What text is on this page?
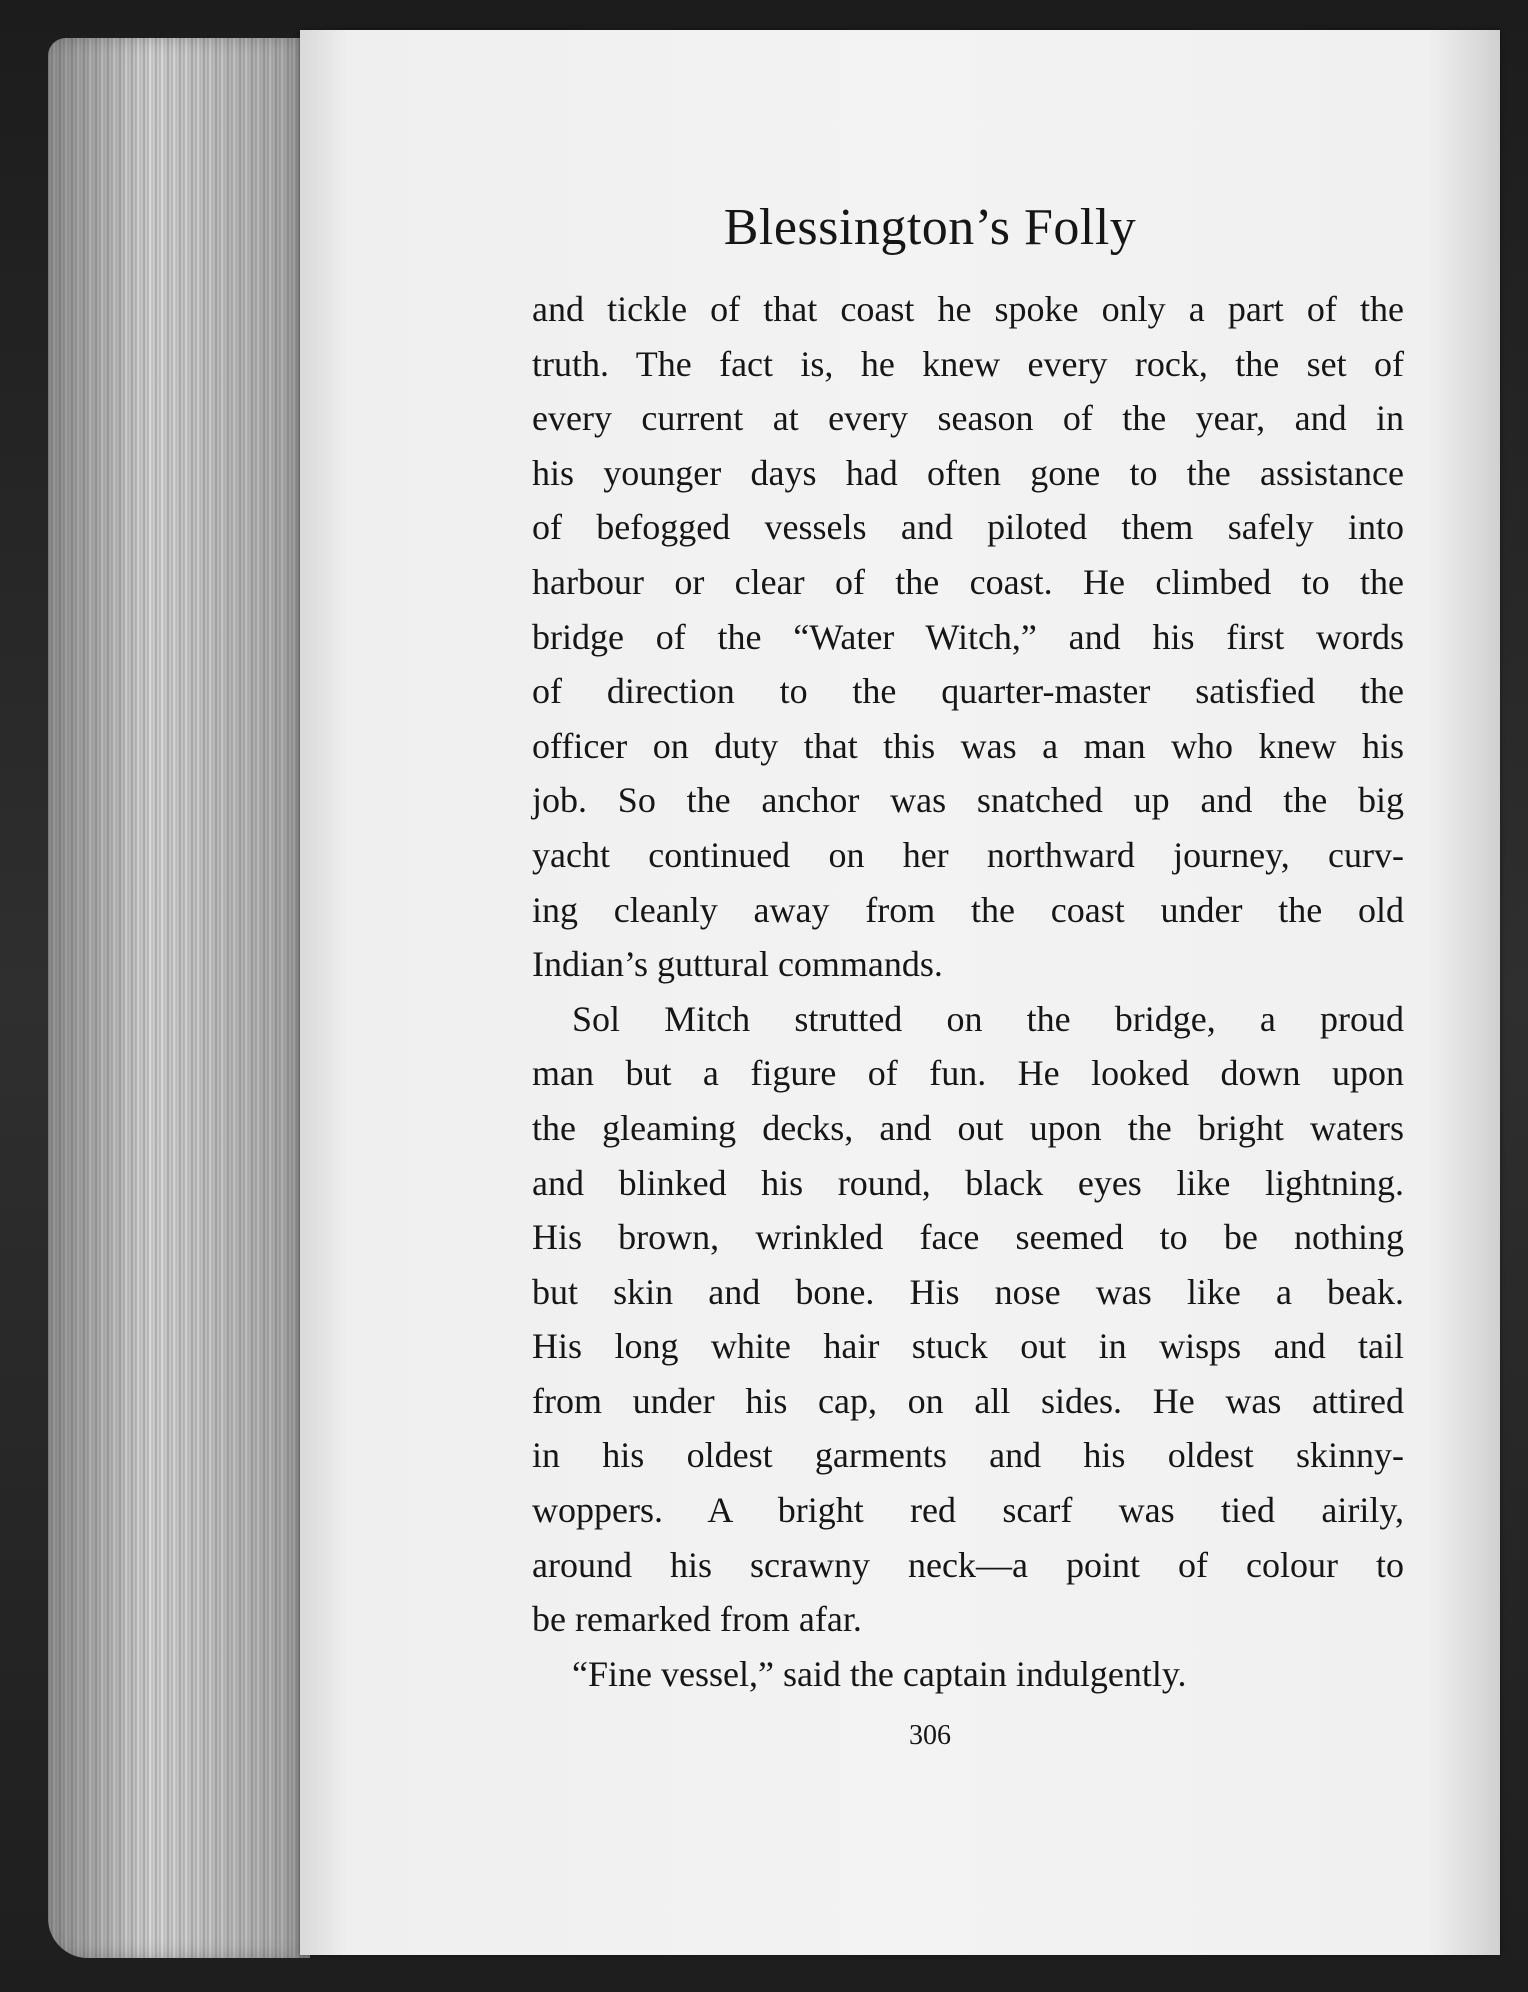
Blessington’s Folly
and tickle of that coast he spoke only a part of the
truth. The fact is, he knew every rock, the set of
every current at every season of the year, and in
his younger days had often gone to the assistance
of befogged vessels and piloted them safely into
harbour or clear of the coast. He climbed to the
bridge of the “Water Witch,” and his first words
of direction to the quarter-master satisfied the
officer on duty that this was a man who knew his
job. So the anchor was snatched up and the big
yacht continued on her northward journey, curv-
ing cleanly away from the coast under the old
Indian’s guttural commands.
Sol Mitch strutted on the bridge, a proud
man but a figure of fun. He looked down upon
the gleaming decks, and out upon the bright waters
and blinked his round, black eyes like lightning.
His brown, wrinkled face seemed to be nothing
but skin and bone. His nose was like a beak.
His long white hair stuck out in wisps and tail
from under his cap, on all sides. He was attired
in his oldest garments and his oldest skinny-
woppers. A bright red scarf was tied airily,
around his scrawny neck—a point of colour to
be remarked from afar.
“Fine vessel,” said the captain indulgently.
306
